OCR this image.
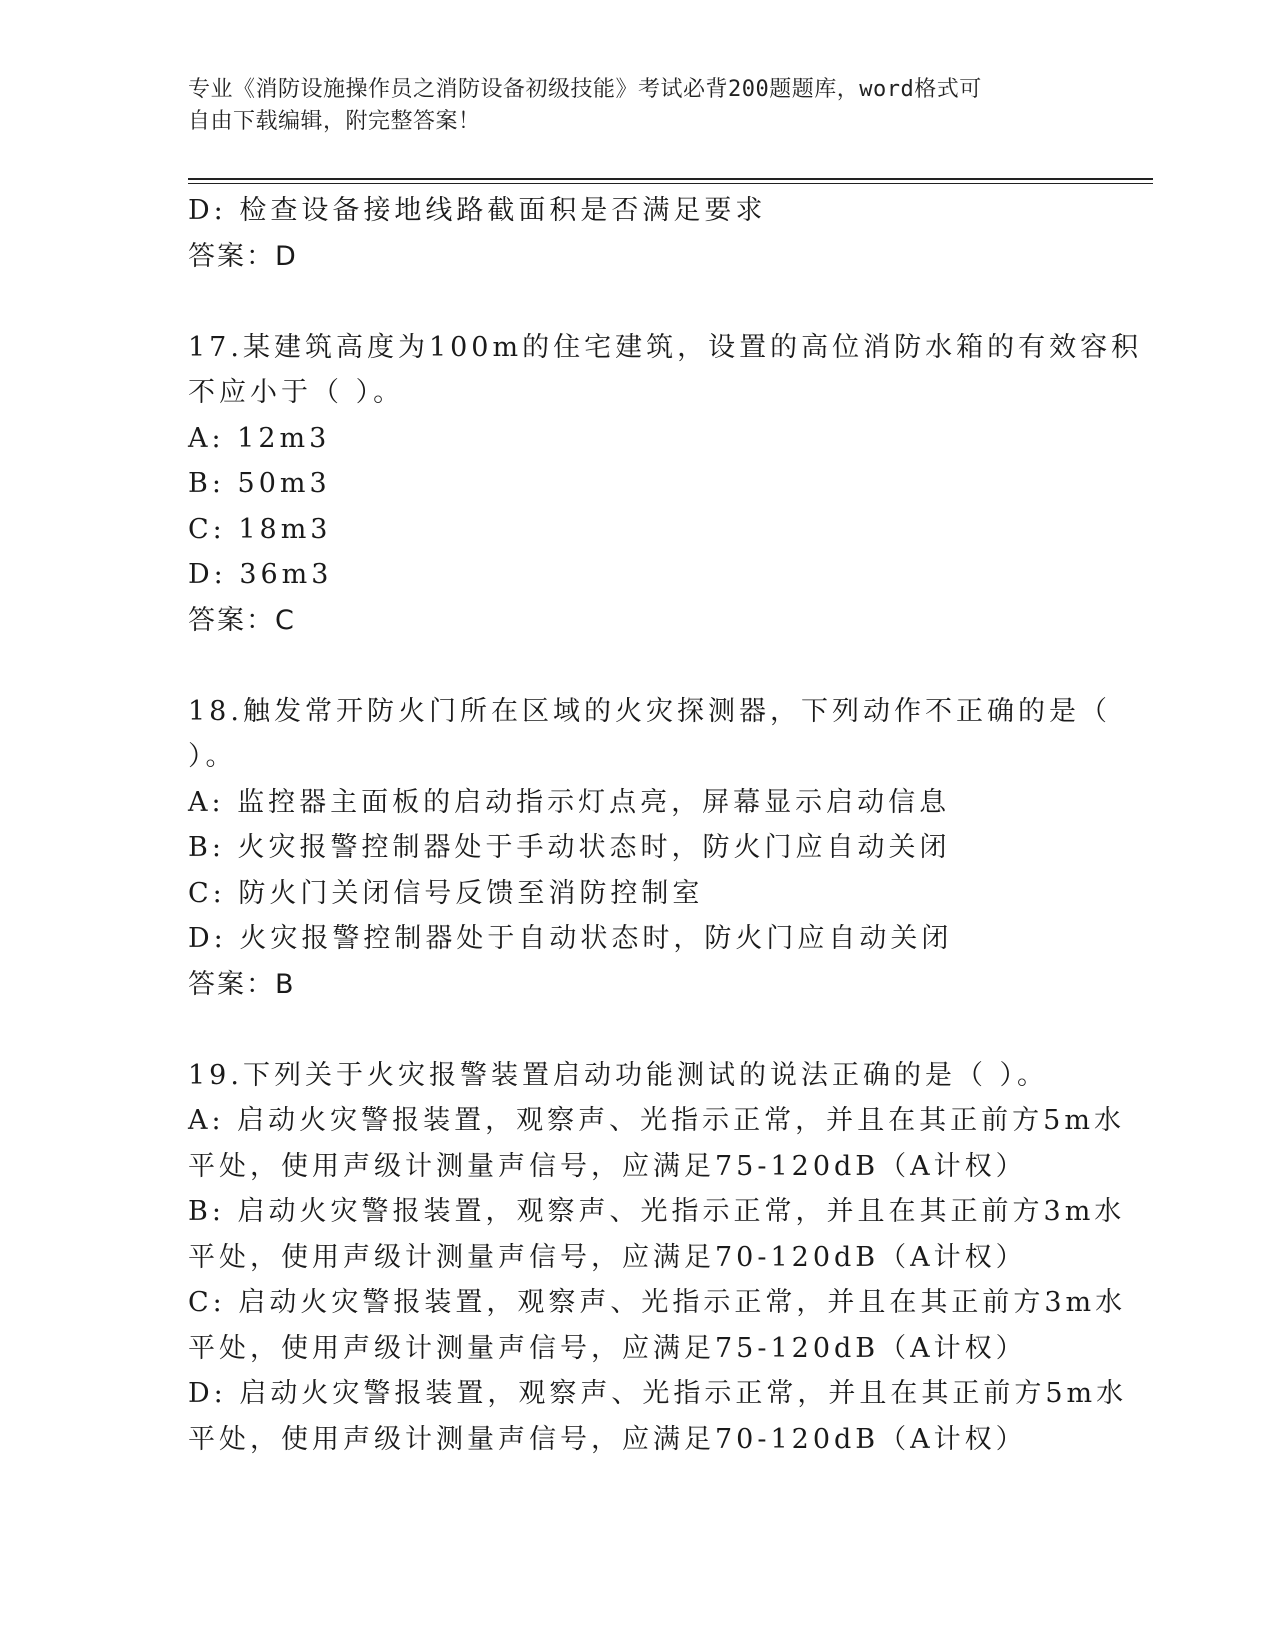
专业《消防设施操作员之消防设备初级技能》考试必背200题题库，word格式可
自由下载编辑，附完整答案！

D: 检查设备接地线路截面积是否满足要求

答案：D

17.某建筑高度为100m的住宅建筑，设置的高位消防水箱的有效容积

不应小于（ ）。

A: 12m3

B: 50m3

C: 18m3

D: 36m3

答案：C

18.触发常开防火门所在区域的火灾探测器，下列动作不正确的是（

）。

A: 监控器主面板的启动指示灯点亮，屏幕显示启动信息

B: 火灾报警控制器处于手动状态时，防火门应自动关闭

C: 防火门关闭信号反馈至消防控制室

D: 火灾报警控制器处于自动状态时，防火门应自动关闭

答案：B

19.下列关于火灾报警装置启动功能测试的说法正确的是（ ）。

A: 启动火灾警报装置，观察声、光指示正常，并且在其正前方5m水

平处，使用声级计测量声信号，应满足75-120dB（A计权）

B: 启动火灾警报装置，观察声、光指示正常，并且在其正前方3m水

平处，使用声级计测量声信号，应满足70-120dB（A计权）

C: 启动火灾警报装置，观察声、光指示正常，并且在其正前方3m水

平处，使用声级计测量声信号，应满足75-120dB（A计权）

D: 启动火灾警报装置，观察声、光指示正常，并且在其正前方5m水

平处，使用声级计测量声信号，应满足70-120dB（A计权）
